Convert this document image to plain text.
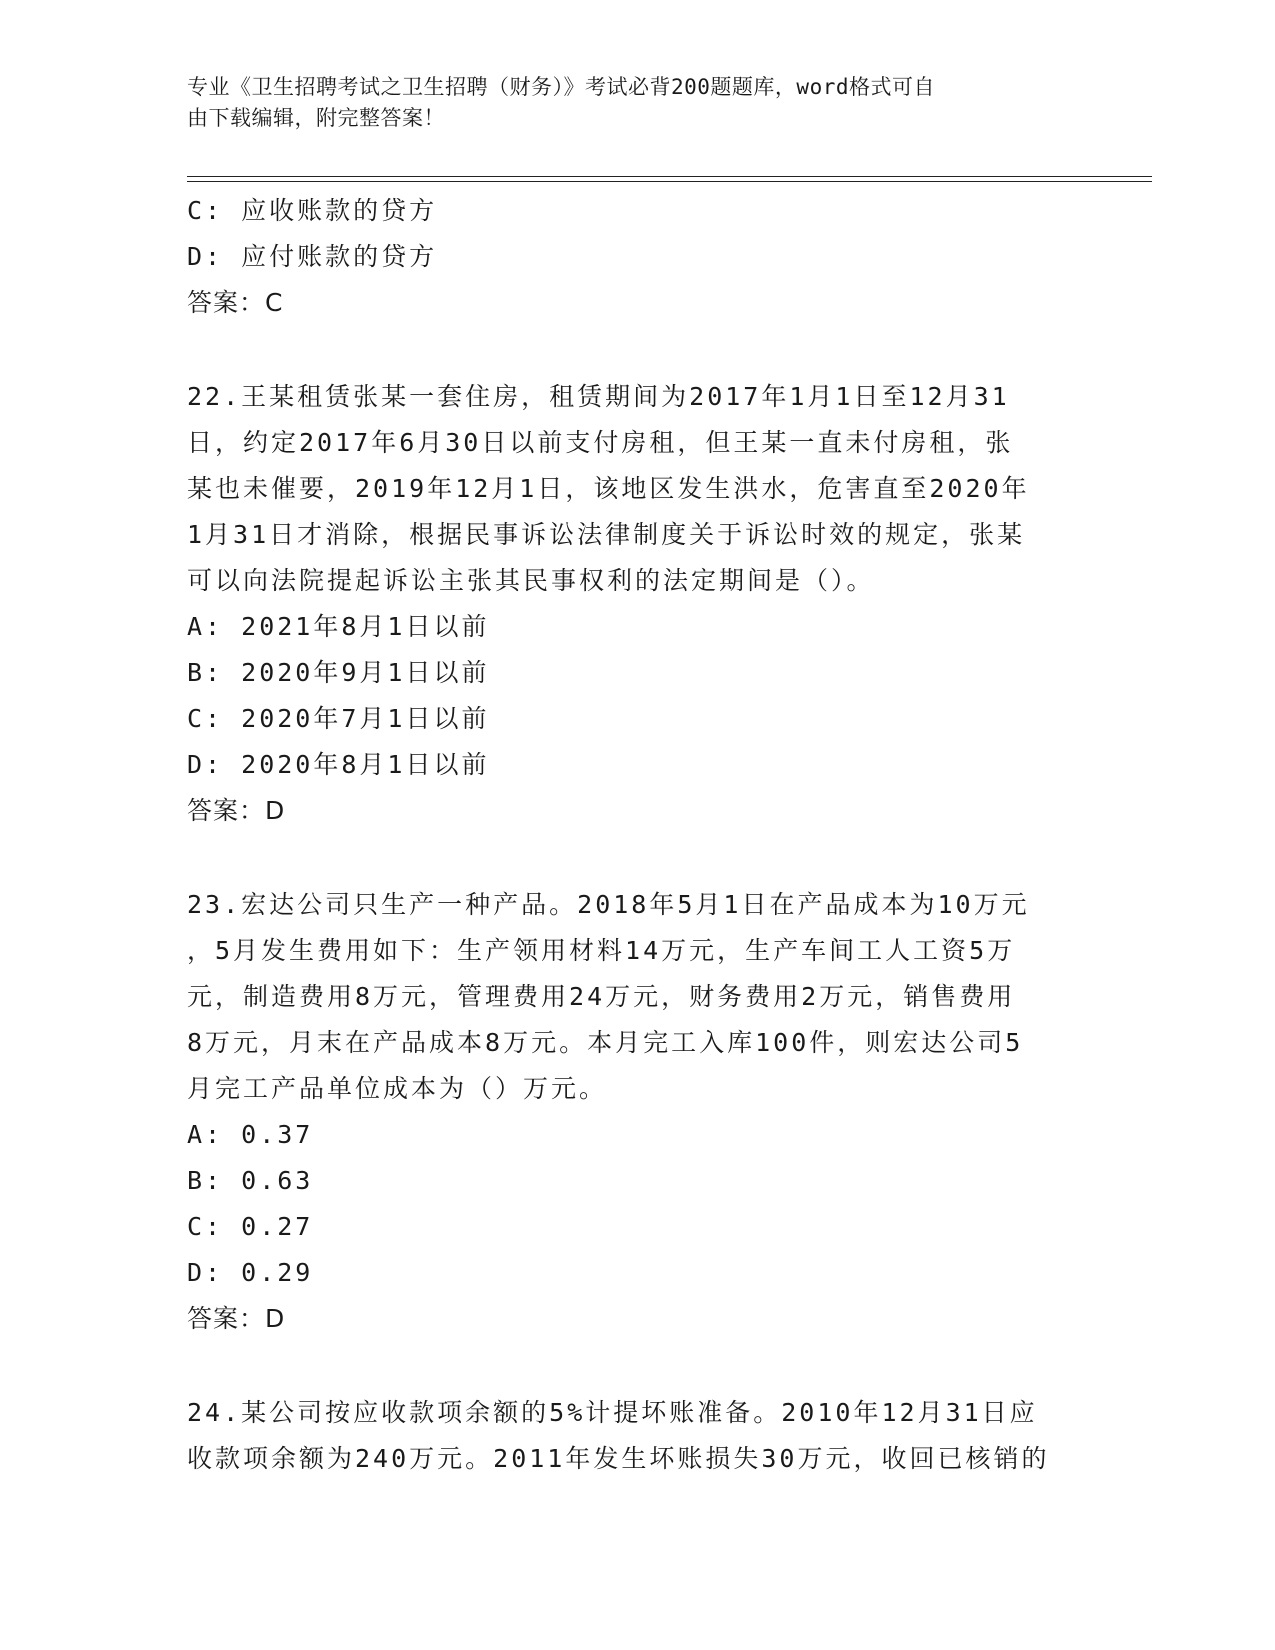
专业《卫生招聘考试之卫生招聘（财务）》考试必背200题题库，word格式可自
由下载编辑，附完整答案！
C: 应收账款的贷方
D: 应付账款的贷方
答案：C
22.王某租赁张某一套住房，租赁期间为2017年1月1日至12月31
日，约定2017年6月30日以前支付房租，但王某一直未付房租，张
某也未催要，2019年12月1日，该地区发生洪水，危害直至2020年
1月31日才消除，根据民事诉讼法律制度关于诉讼时效的规定，张某
可以向法院提起诉讼主张其民事权利的法定期间是（）。
A: 2021年8月1日以前
B: 2020年9月1日以前
C: 2020年7月1日以前
D: 2020年8月1日以前
答案：D
23.宏达公司只生产一种产品。2018年5月1日在产品成本为10万元
，5月发生费用如下：生产领用材料14万元，生产车间工人工资5万
元，制造费用8万元，管理费用24万元，财务费用2万元，销售费用
8万元，月末在产品成本8万元。本月完工入库100件，则宏达公司5
月完工产品单位成本为（）万元。
A: 0.37
B: 0.63
C: 0.27
D: 0.29
答案：D
24.某公司按应收款项余额的5%计提坏账准备。2010年12月31日应
收款项余额为240万元。2011年发生坏账损失30万元，收回已核销的
